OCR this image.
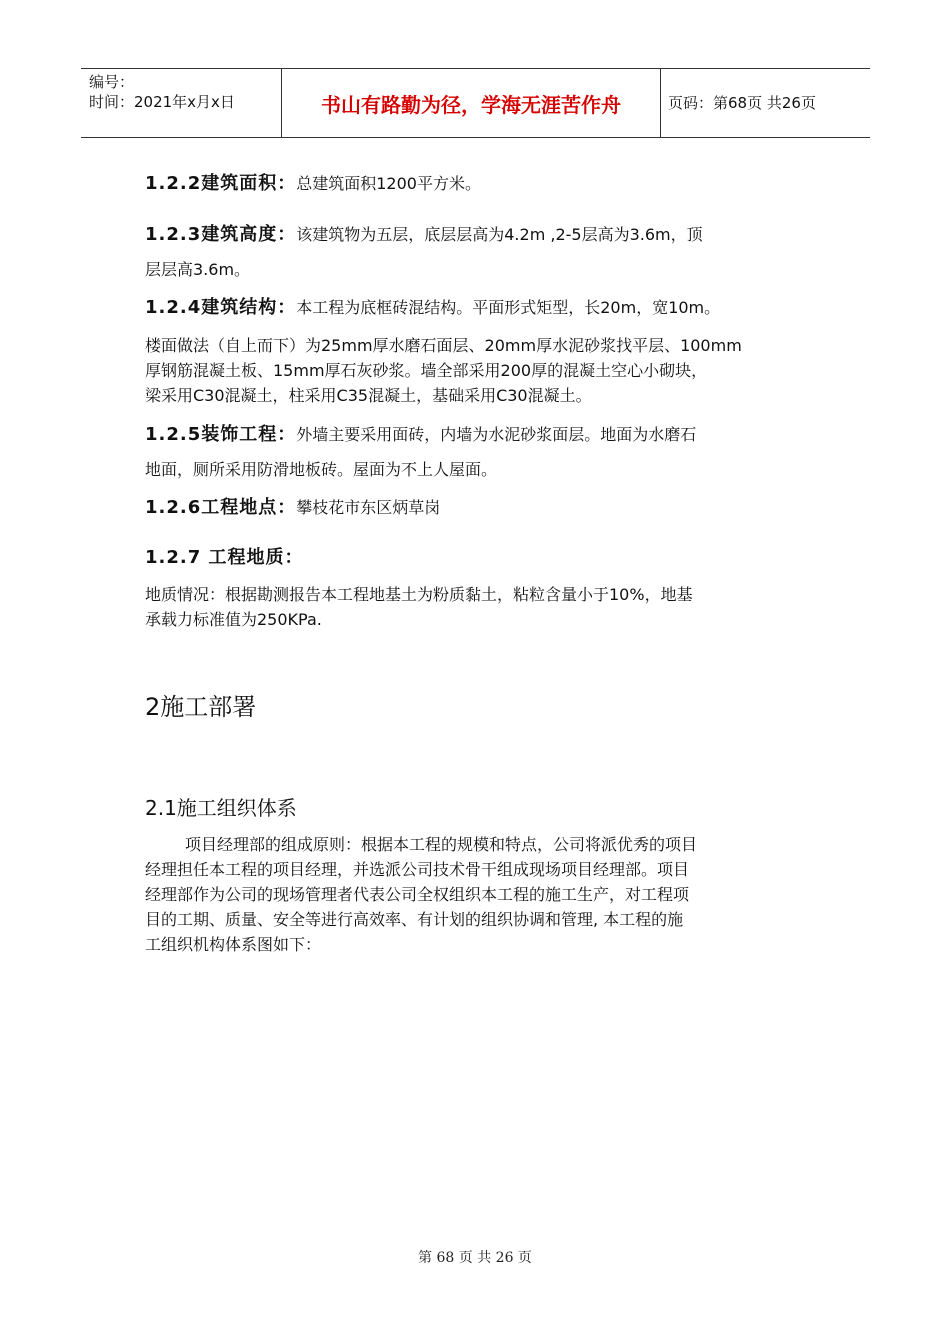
编号：
时间：2021年x月x日	书山有路勤为径，学海无涯苦作舟	页码：第68页 共26页
1.2.2建筑面积：总建筑面积1200平方米。
1.2.3建筑高度：该建筑物为五层，底层层高为4.2m ,2-5层高为3.6m，顶
层层高3.6m。
1.2.4建筑结构：本工程为底框砖混结构。平面形式矩型，长20m，宽10m。
楼面做法（自上而下）为25mm厚水磨石面层、20mm厚水泥砂浆找平层、100mm
厚钢筋混凝土板、15mm厚石灰砂浆。墙全部采用200厚的混凝土空心小砌块，
梁采用C30混凝土，柱采用C35混凝土，基础采用C30混凝土。
1.2.5装饰工程：外墙主要采用面砖，内墙为水泥砂浆面层。地面为水磨石
地面，厕所采用防滑地板砖。屋面为不上人屋面。
1.2.6工程地点：攀枝花市东区炳草岗
1.2.7 工程地质：
地质情况：根据勘测报告本工程地基土为粉质黏土，粘粒含量小于10%，地基
承载力标准值为250KPa.
2施工部署
2.1施工组织体系
项目经理部的组成原则：根据本工程的规模和特点，公司将派优秀的项目
经理担任本工程的项目经理，并选派公司技术骨干组成现场项目经理部。项目
经理部作为公司的现场管理者代表公司全权组织本工程的施工生产，对工程项
目的工期、质量、安全等进行高效率、有计划的组织协调和管理, 本工程的施
工组织机构体系图如下：
第 68 页 共 26 页
